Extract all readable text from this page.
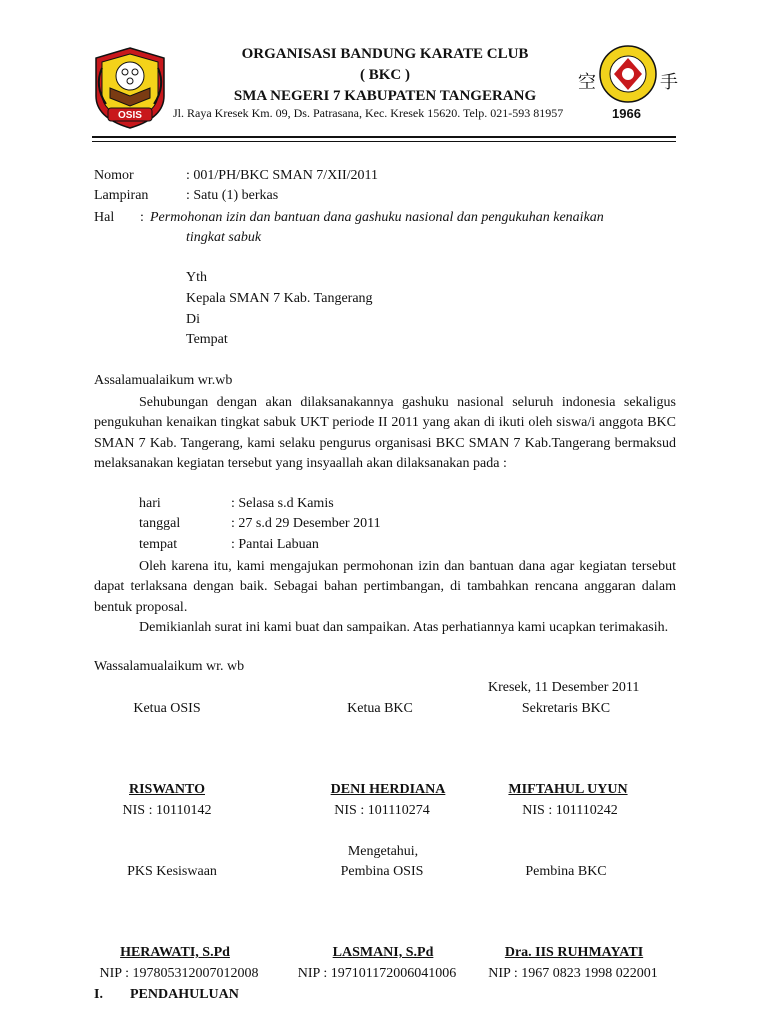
OSIS
ORGANISASI BANDUNG KARATE CLUB
( BKC )
SMA NEGERI 7 KABUPATEN TANGERANG
Jl. Raya Kresek Km. 09, Ds. Patrasana, Kec. Kresek 15620. Telp. 021-593 81957
空	手
1966
Nomor	: 001/PH/BKC SMAN 7/XII/2011
Lampiran	: Satu (1) berkas
Hal : Permohonan izin dan bantuan dana gashuku nasional dan pengukuhan kenaikan
tingkat sabuk
Yth
Kepala SMAN 7 Kab. Tangerang
Di
Tempat
Assalamualaikum wr.wb
Sehubungan dengan akan dilaksanakannya gashuku nasional seluruh indonesia sekaligus pengukuhan kenaikan tingkat sabuk UKT periode II 2011 yang akan di ikuti oleh siswa/i anggota BKC SMAN 7 Kab. Tangerang, kami selaku pengurus organisasi BKC SMAN 7 Kab.Tangerang bermaksud melaksanakan kegiatan tersebut yang insyaallah akan dilaksanakan pada :
hari	: Selasa s.d Kamis
tanggal	: 27 s.d 29 Desember 2011
tempat	: Pantai Labuan
Oleh karena itu, kami mengajukan permohonan izin dan bantuan dana agar kegiatan tersebut dapat terlaksana dengan baik. Sebagai bahan pertimbangan, di tambahkan rencana anggaran dalam bentuk proposal.
Demikianlah surat ini kami buat dan sampaikan. Atas perhatiannya kami ucapkan terimakasih.
Wassalamualaikum wr. wb
Kresek, 11 Desember 2011
Ketua OSIS	Ketua BKC	Sekretaris BKC
RISWANTO	DENI HERDIANA	MIFTAHUL UYUN
NIS : 10110142	NIS : 101110274	NIS : 101110242
Mengetahui,
PKS Kesiswaan	Pembina OSIS	Pembina BKC
HERAWATI, S.Pd	LASMANI, S.Pd	Dra. IIS RUHMAYATI
NIP : 197805312007012008	NIP : 197101172006041006	NIP : 1967 0823 1998 022001
I. PENDAHULUAN
